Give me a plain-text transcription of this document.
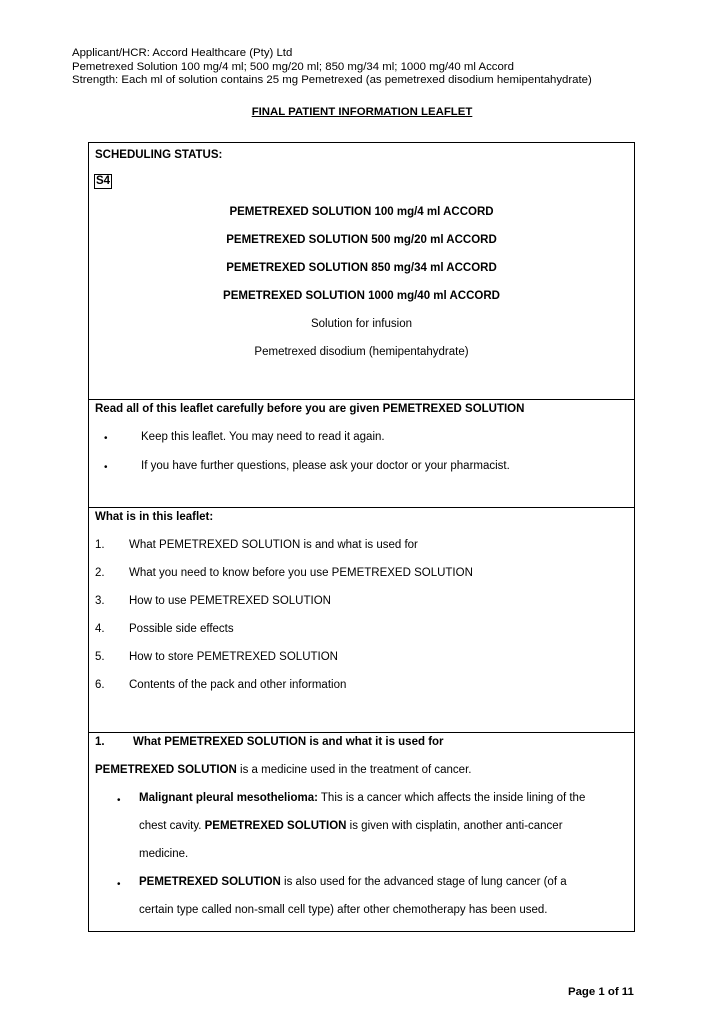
Applicant/HCR: Accord Healthcare (Pty) Ltd
Pemetrexed Solution 100 mg/4 ml; 500 mg/20 ml; 850 mg/34 ml; 1000 mg/40 ml Accord
Strength: Each ml of solution contains 25 mg Pemetrexed (as pemetrexed disodium hemipentahydrate)
FINAL PATIENT INFORMATION LEAFLET
SCHEDULING STATUS:
S4
PEMETREXED SOLUTION 100 mg/4 ml ACCORD
PEMETREXED SOLUTION 500 mg/20 ml ACCORD
PEMETREXED SOLUTION 850 mg/34 ml ACCORD
PEMETREXED SOLUTION 1000 mg/40 ml ACCORD
Solution for infusion
Pemetrexed disodium (hemipentahydrate)
Read all of this leaflet carefully before you are given PEMETREXED SOLUTION
•	Keep this leaflet. You may need to read it again.
•	If you have further questions, please ask your doctor or your pharmacist.
What is in this leaflet:
1. What PEMETREXED SOLUTION is and what is used for
2. What you need to know before you use PEMETREXED SOLUTION
3. How to use PEMETREXED SOLUTION
4. Possible side effects
5. How to store PEMETREXED SOLUTION
6. Contents of the pack and other information
1. What PEMETREXED SOLUTION is and what it is used for
PEMETREXED SOLUTION is a medicine used in the treatment of cancer.
• Malignant pleural mesothelioma: This is a cancer which affects the inside lining of the
chest cavity. PEMETREXED SOLUTION is given with cisplatin, another anti-cancer
medicine.
• PEMETREXED SOLUTION is also used for the advanced stage of lung cancer (of a
certain type called non-small cell type) after other chemotherapy has been used.
Page 1 of 11
